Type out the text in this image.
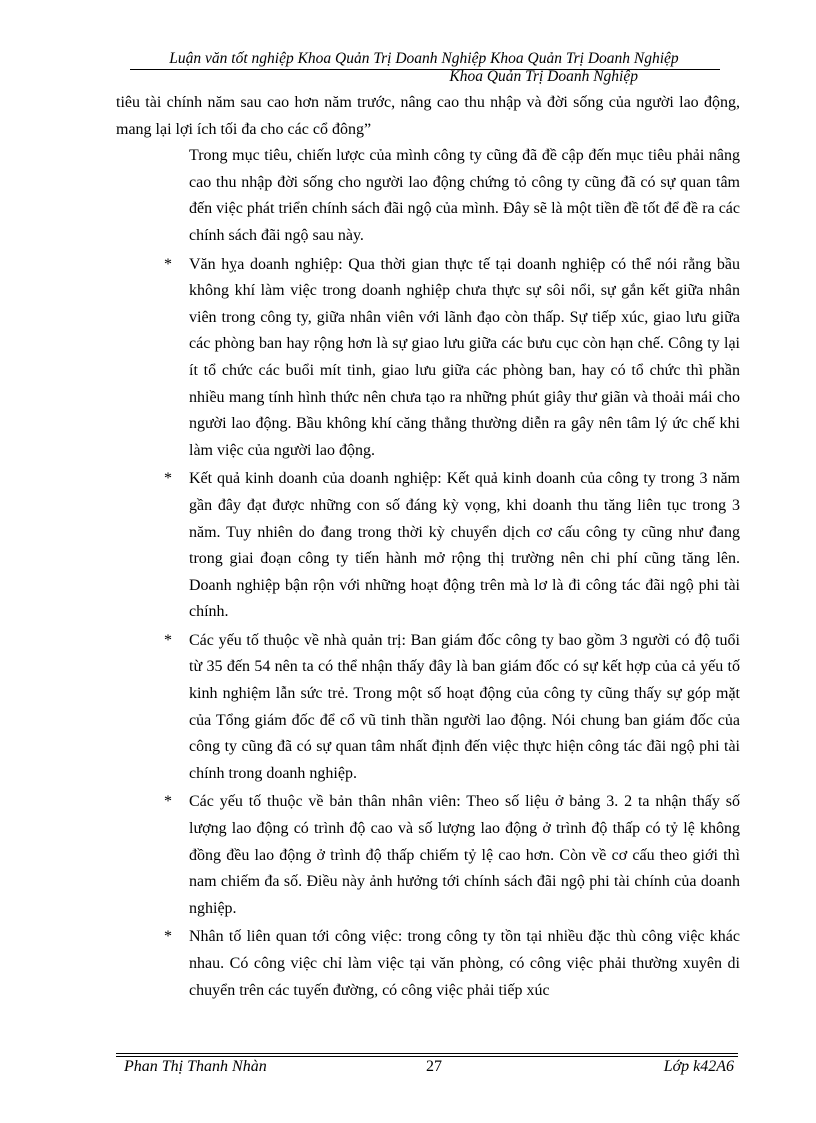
Luận văn tốt nghiệp Khoa Quản Trị Doanh Nghiệp Khoa Quản Trị Doanh Nghiệp
Khoa Quản Trị Doanh Nghiệp

tiêu tài chính năm sau cao hơn năm trước, nâng cao thu nhập và đời sống của người lao động, mang lại lợi ích tối đa cho các cổ đông”

Trong mục tiêu, chiến lược của mình công ty cũng đã đề cập đến mục tiêu phải nâng cao thu nhập đời sống cho người lao động chứng tỏ công ty cũng đã có sự quan tâm đến việc phát triển chính sách đãi ngộ của mình. Đây sẽ là một tiền đề tốt để đề ra các chính sách đãi ngộ sau này.

* Văn hỵa doanh nghiệp: Qua thời gian thực tế tại doanh nghiệp có thể nói rằng bầu không khí làm việc trong doanh nghiệp chưa thực sự sôi nổi, sự gắn kết giữa nhân viên trong công ty, giữa nhân viên với lãnh đạo còn thấp. Sự tiếp xúc, giao lưu giữa các phòng ban hay rộng hơn là sự giao lưu giữa các bưu cục còn hạn chế. Công ty lại ít tổ chức các buổi mít tinh, giao lưu giữa các phòng ban, hay có tổ chức thì phần nhiều mang tính hình thức nên chưa tạo ra những phút giây thư giãn và thoải mái cho người lao động. Bầu không khí căng thẳng thường diễn ra gây nên tâm lý ức chế khi làm việc của người lao động.

* Kết quả kinh doanh của doanh nghiệp: Kết quả kinh doanh của công ty trong 3 năm gần đây đạt được những con số đáng kỳ vọng, khi doanh thu tăng liên tục trong 3 năm. Tuy nhiên do đang trong thời kỳ chuyển dịch cơ cấu công ty cũng như đang trong giai đoạn công ty tiến hành mở rộng thị trường nên chi phí cũng tăng lên. Doanh nghiệp bận rộn với những hoạt động trên mà lơ là đi công tác đãi ngộ phi tài chính.

* Các yếu tố thuộc về nhà quản trị: Ban giám đốc công ty bao gồm 3 người có độ tuổi từ 35 đến 54 nên ta có thể nhận thấy đây là ban giám đốc có sự kết hợp của cả yếu tố kinh nghiệm lẫn sức trẻ. Trong một số hoạt động của công ty cũng thấy sự góp mặt của Tổng giám đốc để cổ vũ tinh thần người lao động. Nói chung ban giám đốc của công ty cũng đã có sự quan tâm nhất định đến việc thực hiện công tác đãi ngộ phi tài chính trong doanh nghiệp.

* Các yếu tố thuộc về bản thân nhân viên: Theo số liệu ở bảng 3. 2 ta nhận thấy số lượng lao động có trình độ cao và số lượng lao động ở trình độ thấp có tỷ lệ không đồng đều lao động ở trình độ thấp chiếm tỷ lệ cao hơn. Còn về cơ cấu theo giới thì nam chiếm đa số. Điều này ảnh hưởng tới chính sách đãi ngộ phi tài chính của doanh nghiệp.

* Nhân tố liên quan tới công việc: trong công ty tồn tại nhiều đặc thù công việc khác nhau. Có công việc chỉ làm việc tại văn phòng, có công việc phải thường xuyên di chuyển trên các tuyến đường, có công việc phải tiếp xúc

Phan Thị Thanh Nhàn	27	Lớp k42A6
